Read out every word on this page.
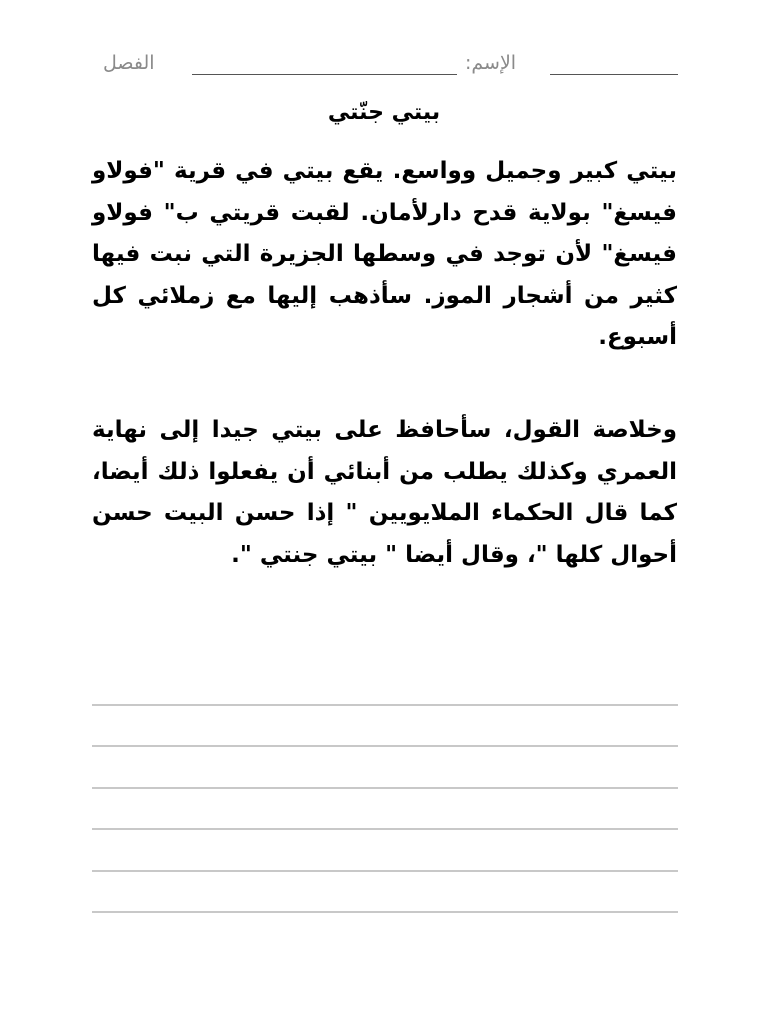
الفصل	:الإسم
بيتي جنّتي
بيتي كبير وجميل وواسع. يقع بيتي في قرية "فولاو فيسغ" بولاية قدح دارلأمان. لقبت قريتي ب" فولاو فيسغ" لأن توجد في وسطها الجزيرة التي نبت فيها كثير من أشجار الموز. سأذهب إليها مع زملائي كل أسبوع.
وخلاصة القول، سأحافظ على بيتي جيدا إلى نهاية العمري وكذلك يطلب من أبنائي أن يفعلوا ذلك أيضا، كما قال الحكماء الملايويين " إذا حسن البيت حسن أحوال كلها "، وقال أيضا " بيتي جنتي ".
